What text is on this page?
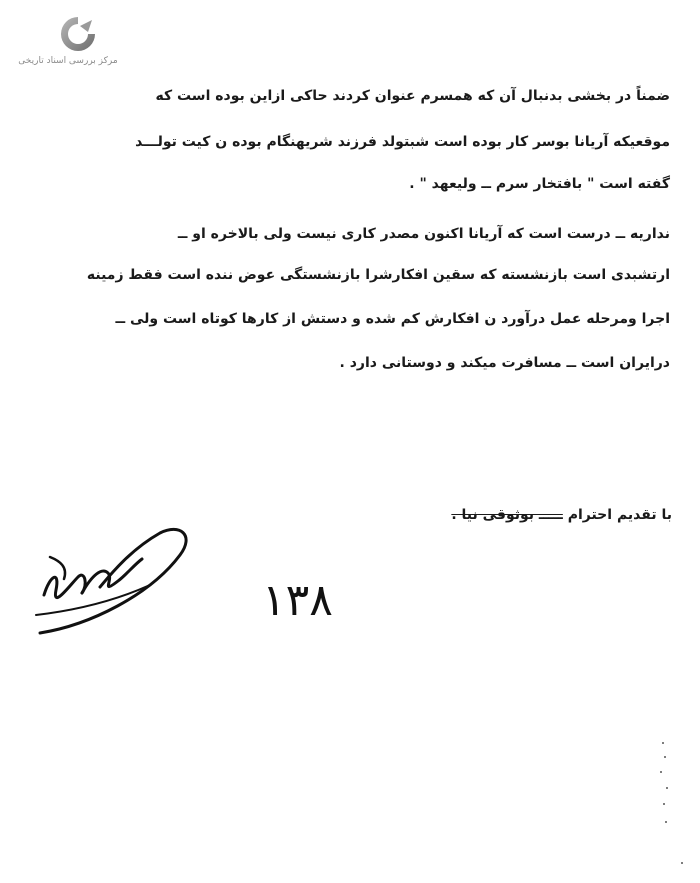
مرکز بررسی اسناد تاریخی
ضمناً در بخشی بدنبال آن که همسرم عنوان کردند حاکی ازاین بوده است که
موقعیکه آریانا بوسر کار بوده است شبتولد فرزند شریهنگام بوده ن کیت تولـــد
گفته است " بافتخار سرم ــ ولیعهد " .
نداریه ــ درست است که آریانا اکنون مصدر کاری نیست ولی بالاخره او ــ
ارتشبدی است بازنشسته که سقین افکارشرا بازنشستگی عوض ننده است فقط زمینه
اجرا ومرحله عمل درآورد ن افکارش کم شده و دستش از کارها کوتاه است ولی ــ
درایران است ــ مسافرت میکند و دوستانی دارد .
با تقدیم احترام ـــــ بوثوقی نیا .
۱۳۸
